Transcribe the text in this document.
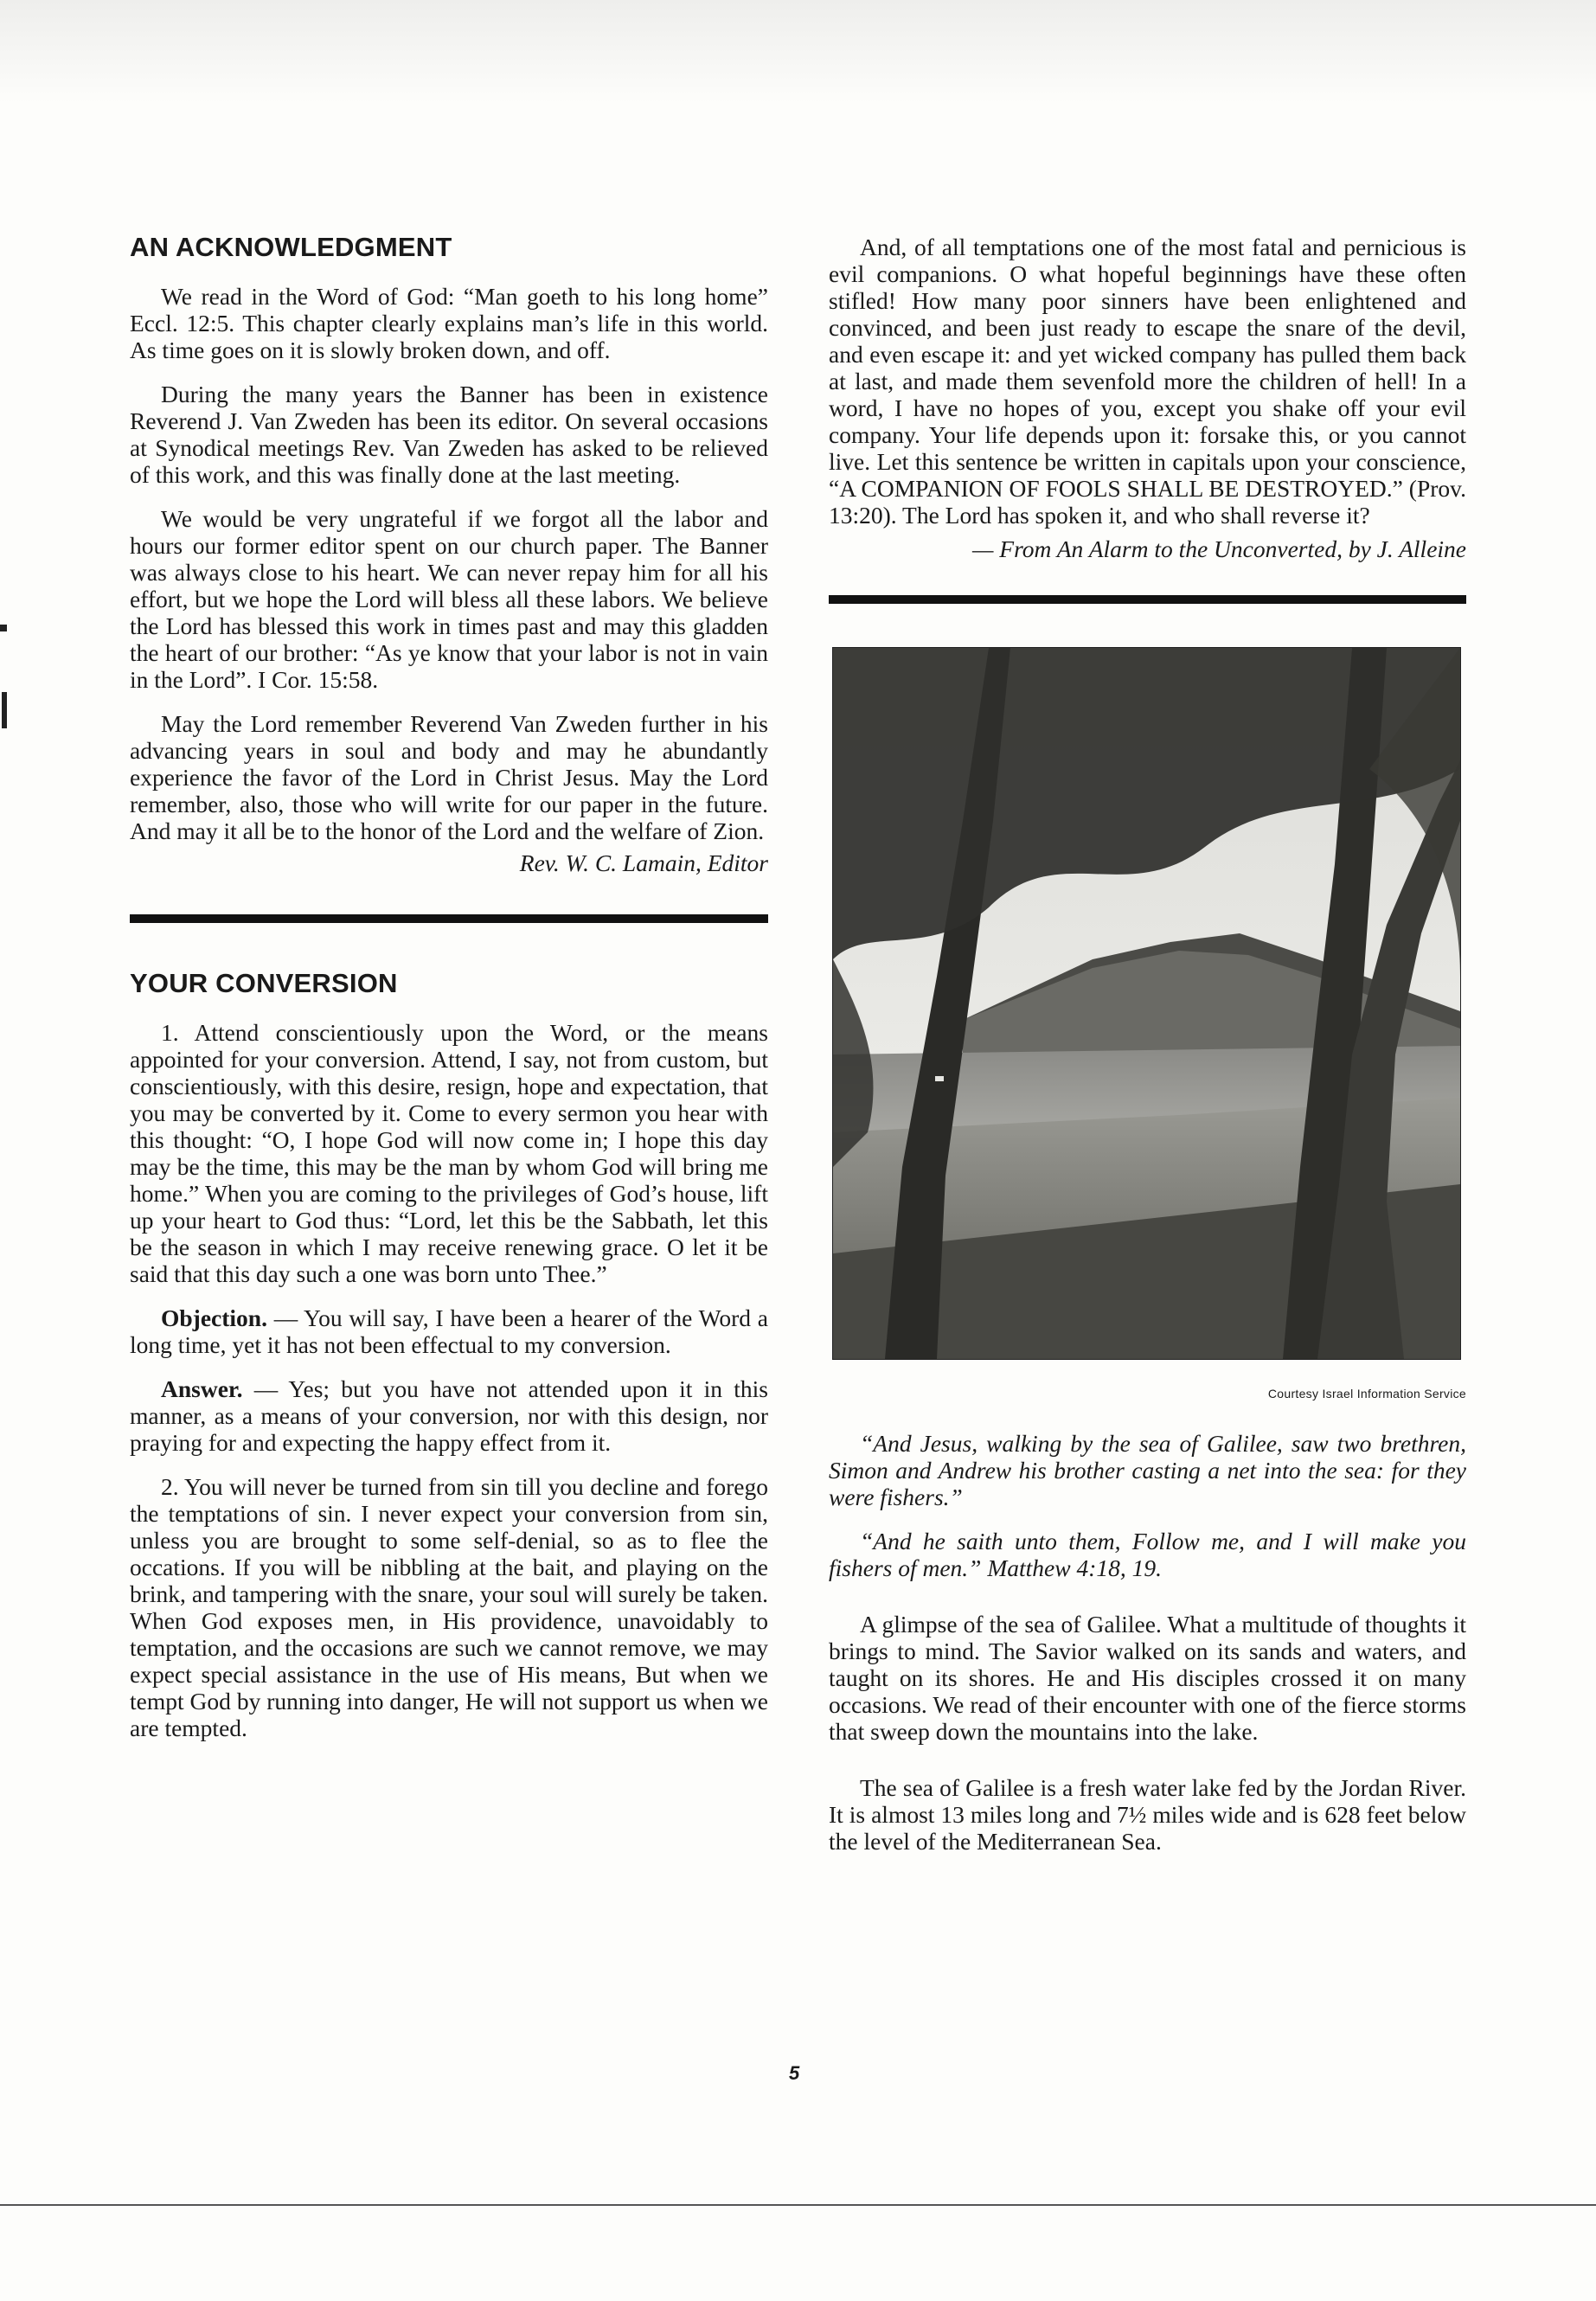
AN ACKNOWLEDGMENT

We read in the Word of God: “Man goeth to his long home” Eccl. 12:5. This chapter clearly explains man’s life in this world. As time goes on it is slowly broken down, and off.

During the many years the Banner has been in existence Reverend J. Van Zweden has been its editor. On several occasions at Synodical meetings Rev. Van Zweden has asked to be relieved of this work, and this was finally done at the last meeting.

We would be very ungrateful if we forgot all the labor and hours our former editor spent on our church paper. The Banner was always close to his heart. We can never repay him for all his effort, but we hope the Lord will bless all these labors. We believe the Lord has blessed this work in times past and may this gladden the heart of our brother: “As ye know that your labor is not in vain in the Lord”. I Cor. 15:58.

May the Lord remember Reverend Van Zweden further in his advancing years in soul and body and may he abundantly experience the favor of the Lord in Christ Jesus. May the Lord remember, also, those who will write for our paper in the future. And may it all be to the honor of the Lord and the welfare of Zion.

Rev. W. C. Lamain, Editor

YOUR CONVERSION

1. Attend conscientiously upon the Word, or the means appointed for your conversion. Attend, I say, not from custom, but conscientiously, with this desire, resign, hope and expectation, that you may be converted by it. Come to every sermon you hear with this thought: “O, I hope God will now come in; I hope this day may be the time, this may be the man by whom God will bring me home.” When you are coming to the privileges of God’s house, lift up your heart to God thus: “Lord, let this be the Sabbath, let this be the season in which I may receive renewing grace. O let it be said that this day such a one was born unto Thee.”

Objection. — You will say, I have been a hearer of the Word a long time, yet it has not been effectual to my conversion.

Answer. — Yes; but you have not attended upon it in this manner, as a means of your conversion, nor with this design, nor praying for and expecting the happy effect from it.

2. You will never be turned from sin till you decline and forego the temptations of sin. I never expect your conversion from sin, unless you are brought to some self-denial, so as to flee the occations. If you will be nibbling at the bait, and playing on the brink, and tampering with the snare, your soul will surely be taken. When God exposes men, in His providence, unavoidably to temptation, and the occasions are such we cannot remove, we may expect special assistance in the use of His means, But when we tempt God by running into danger, He will not support us when we are tempted.

And, of all temptations one of the most fatal and pernicious is evil companions. O what hopeful beginnings have these often stifled! How many poor sinners have been enlightened and convinced, and been just ready to escape the snare of the devil, and even escape it: and yet wicked company has pulled them back at last, and made them sevenfold more the children of hell! In a word, I have no hopes of you, except you shake off your evil company. Your life depends upon it: forsake this, or you cannot live. Let this sentence be written in capitals upon your conscience, “A COMPANION OF FOOLS SHALL BE DESTROYED.” (Prov. 13:20). The Lord has spoken it, and who shall reverse it?

— From An Alarm to the Unconverted, by J. Alleine

Courtesy Israel Information Service

“And Jesus, walking by the sea of Galilee, saw two brethren, Simon and Andrew his brother casting a net into the sea: for they were fishers.”

“And he saith unto them, Follow me, and I will make you fishers of men.” Matthew 4:18, 19.

A glimpse of the sea of Galilee. What a multitude of thoughts it brings to mind. The Savior walked on its sands and waters, and taught on its shores. He and His disciples crossed it on many occasions. We read of their encounter with one of the fierce storms that sweep down the mountains into the lake.

The sea of Galilee is a fresh water lake fed by the Jordan River. It is almost 13 miles long and 7½ miles wide and is 628 feet below the level of the Mediterranean Sea.

5
